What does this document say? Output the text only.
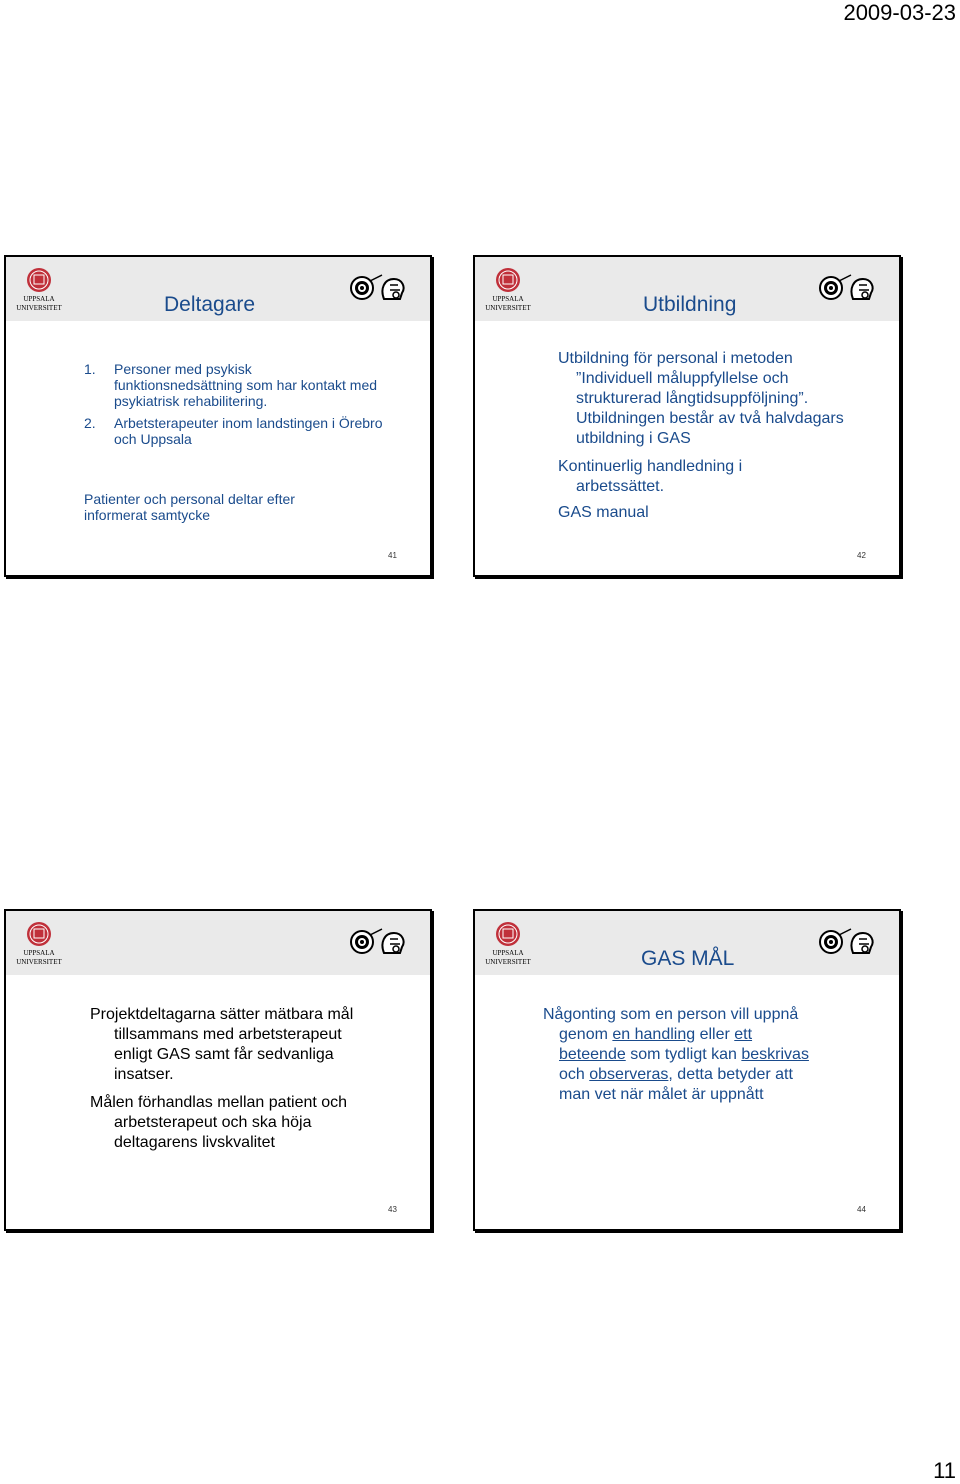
2009-03-23
UPPSALA
UNIVERSITET	Deltagare
1. Personer med psykisk funktionsnedsättning som har kontakt med psykiatrisk rehabilitering.
2. Arbetsterapeuter inom landstingen i Örebro och Uppsala
Patienter och personal deltar efter informerat samtycke
41
UPPSALA
UNIVERSITET	Utbildning
Utbildning för personal i metoden
”Individuell måluppfyllelse och strukturerad långtidsuppföljning”. Utbildningen består av två halvdagars utbildning i GAS
Kontinuerlig handledning i
arbetssättet.
GAS manual
42
UPPSALA
UNIVERSITET
Projektdeltagarna sätter mätbara mål
tillsammans med arbetsterapeut enligt GAS samt får sedvanliga insatser.
Målen förhandlas mellan patient och
arbetsterapeut och ska höja deltagarens livskvalitet
43
UPPSALA
UNIVERSITET	GAS MÅL
Någonting som en person vill uppnå
genom en handling eller ett
beteende som tydligt kan beskrivas
och observeras, detta betyder att
man vet när målet är uppnått
44
11
